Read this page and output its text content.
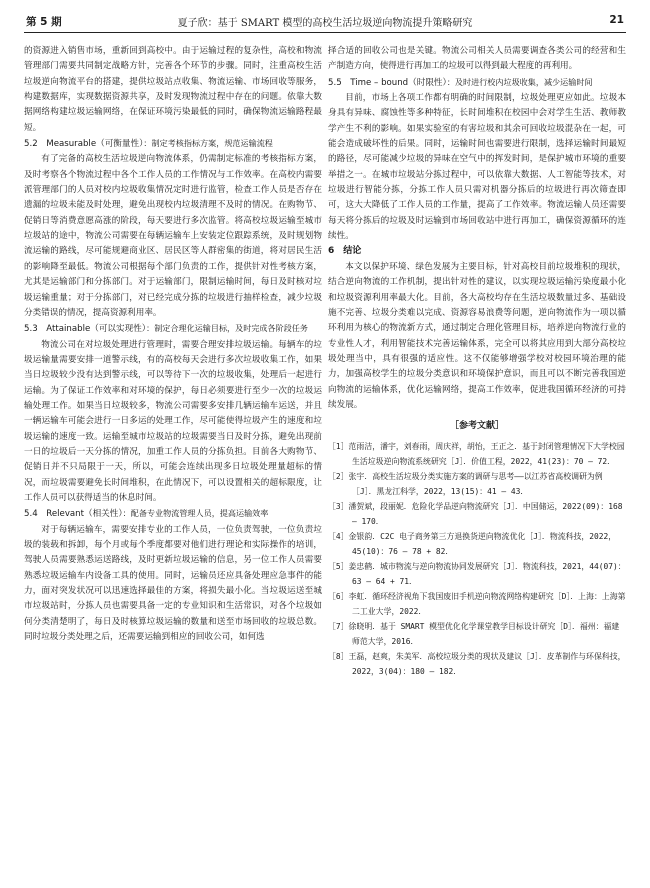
第 5 期	夏子欣：基于 SMART 模型的高校生活垃圾逆向物流提升策略研究	21

的资源进入销售市场，重新回到高校中。由于运输过程的复杂性，高校和物流管理部门需要共同制定战略方针，完善各个环节的步骤。同时，注重高校生活垃圾逆向物流平台的搭建，提供垃圾站点收集、物流运输、市场回收等服务，构建数据库，实现数据资源共享，及时发现物流过程中存在的问题。依靠大数据网络构建垃圾运输网络，在保证环境污染最低的同时，确保物流运输路程最短。

5.2　 Measurable（可衡量性）：制定考核指标方案，规范运输流程

有了完备的高校生活垃圾逆向物流体系，仍需制定标准的考核指标方案，及时考察各个物流过程中各个工作人员的工作情况与工作效率。在高校内需要派管理部门的人员对校内垃圾收集情况定时进行监管，检查工作人员是否存在遗漏的垃圾未能及时处理，避免出现校内垃圾清理不及时的情况。在购物节、促销日等消费意愿高涨的阶段，每天要进行多次监管。将高校垃圾运输至城市垃圾站的途中，物流公司需要在每辆运输车上安装定位跟踪系统，及时规划物流运输的路线，尽可能规避商业区、居民区等人群密集的街道，将对居民生活的影响降至最低。物流公司根据每个部门负责的工作，提供针对性考核方案，尤其是运输部门和分拣部门。对于运输部门，限制运输时间，每日及时核对垃圾运输重量；对于分拣部门，对已经完成分拣的垃圾进行抽样检查，减少垃圾分类错误的情况，提高资源利用率。

5.3　 Attainable（可以实现性）：制定合理化运输目标，及时完成各阶段任务

物流公司在对垃圾处理进行管理时，需要合理安排垃圾运输。每辆车的垃圾运输量需要安排一道警示线，有的高校每天会进行多次垃圾收集工作，如果当日垃圾较少没有达到警示线，可以等待下一次的垃圾收集，处理后一起进行运输。为了保证工作效率和对环境的保护，每日必须要进行至少一次的垃圾运输处理工作。如果当日垃圾较多，物流公司需要多安排几辆运输车运送，并且一辆运输车可能会进行一日多运的处理工作，尽可能使得垃圾产生的速度和垃圾运输的速度一致。运输至城市垃圾站的垃圾需要当日及时分拣，避免出现前一日的垃圾后一天分拣的情况，加重工作人员的分拣负担。目前各大购物节、促销日并不只局限于一天，所以，可能会连续出现多日垃圾处理量超标的情况，而垃圾需要避免长时间堆积，在此情况下，可以设置相关的超标限度，让工作人员可以获得适当的休息时间。

5.4　 Relevant（相关性）：配备专业物流管理人员，提高运输效率

对于每辆运输车，需要安排专业的工作人员，一位负责驾驶，一位负责垃圾的装载和拆卸，每个月或每个季度都要对他们进行理论和实际操作的培训，驾驶人员需要熟悉运送路线，及时更新垃圾运输的信息，另一位工作人员需要熟悉垃圾运输车内设备工具的使用。同时，运输员还应具备处理应急事件的能力，面对突发状况可以迅速选择最佳的方案，将损失最小化。当垃圾运送至城市垃圾站时，分拣人员也需要具备一定的专业知识和生活常识，对各个垃圾如何分类清楚明了，每日及时核算垃圾运输的数量和送至市场回收的垃圾总数。同时垃圾分类处理之后，还需要运输到相应的回收公司，如何选

择合适的回收公司也是关键。物流公司相关人员需要调查各类公司的经营和生产制造方向，使得进行再加工的垃圾可以得到最大程度的再利用。

5.5　 Time – bound（时限性）：及时进行校内垃圾收集，减少运输时间

目前，市场上各项工作都有明确的时间限制，垃圾处理更应如此。垃圾本身具有异味、腐蚀性等多种特征，长时间堆积在校园中会对学生生活、教师教学产生不利的影响。如果实验室的有害垃圾和其余可回收垃圾混杂在一起，可能会造成破坏性的后果。同时，运输时间也需要进行限制，选择运输时间最短的路径，尽可能减少垃圾的异味在空气中的挥发时间，是保护城市环境的重要举措之一。在城市垃圾站分拣过程中，可以依靠大数据、人工智能等技术，对垃圾进行智能分拣，分拣工作人员只需对机器分拣后的垃圾进行再次筛查即可，这大大降低了工作人员的工作量，提高了工作效率。物流运输人员还需要每天将分拣后的垃圾及时运输到市场回收站中进行再加工，确保资源循环的连续性。

6　结论

本文以保护环境、绿色发展为主要目标，针对高校目前垃圾堆积的现状，结合逆向物流的工作机制，提出针对性的建议，以实现垃圾运输污染度最小化和垃圾资源利用率最大化。目前，各大高校均存在生活垃圾数量过多、基础设施不完善、垃圾分类难以完成、资源容易浪费等问题，逆向物流作为一项以循环利用为核心的物流新方式，通过制定合理化管理目标，培养逆向物流行业的专业性人才，利用智能技术完善运输体系，完全可以将其应用到大部分高校垃圾处理当中，具有很强的适应性。这不仅能够增强学校对校园环境治理的能力，加强高校学生的垃圾分类意识和环境保护意识，而且可以不断完善我国逆向物流的运输体系，优化运输网络，提高工作效率，促进我国循环经济的可持续发展。

［参考文献］
［1］范雨洁，潘宇，刘春雨，周庆祥，胡怡，王正之．基于封闭管理情况下大学校园生活垃圾逆向物流系统研究［J］．价值工程，2022，41(23)：70 – 72．
［2］张宇．高校生活垃圾分类实施方案的调研与思考——以江苏省高校调研为例［J］．黑龙江科学，2022，13(15)：41 – 43．
［3］潘贺斌，段丽妮．危险化学品逆向物流研究［J］．中国储运，2022(09)：168 – 170．
［4］金银韵．C2C 电子商务第三方退换货逆向物流优化［J］．物流科技，2022，45(10)：76 – 78 + 82．
［5］姜忠鹤．城市物流与逆向物流协同发展研究［J］．物流科技，2021，44(07)：63 – 64 + 71．
［6］李虹．循环经济视角下我国废旧手机逆向物流网络构建研究［D］．上海：上海第二工业大学，2022．
［7］徐晓明．基于 SMART 模型优化化学课堂教学目标设计研究［D］．福州：福建师范大学，2016．
［8］王磊，赵爽，朱美军．高校垃圾分类的现状及建议［J］．皮革制作与环保科技，2022，3(04)：180 – 182．
